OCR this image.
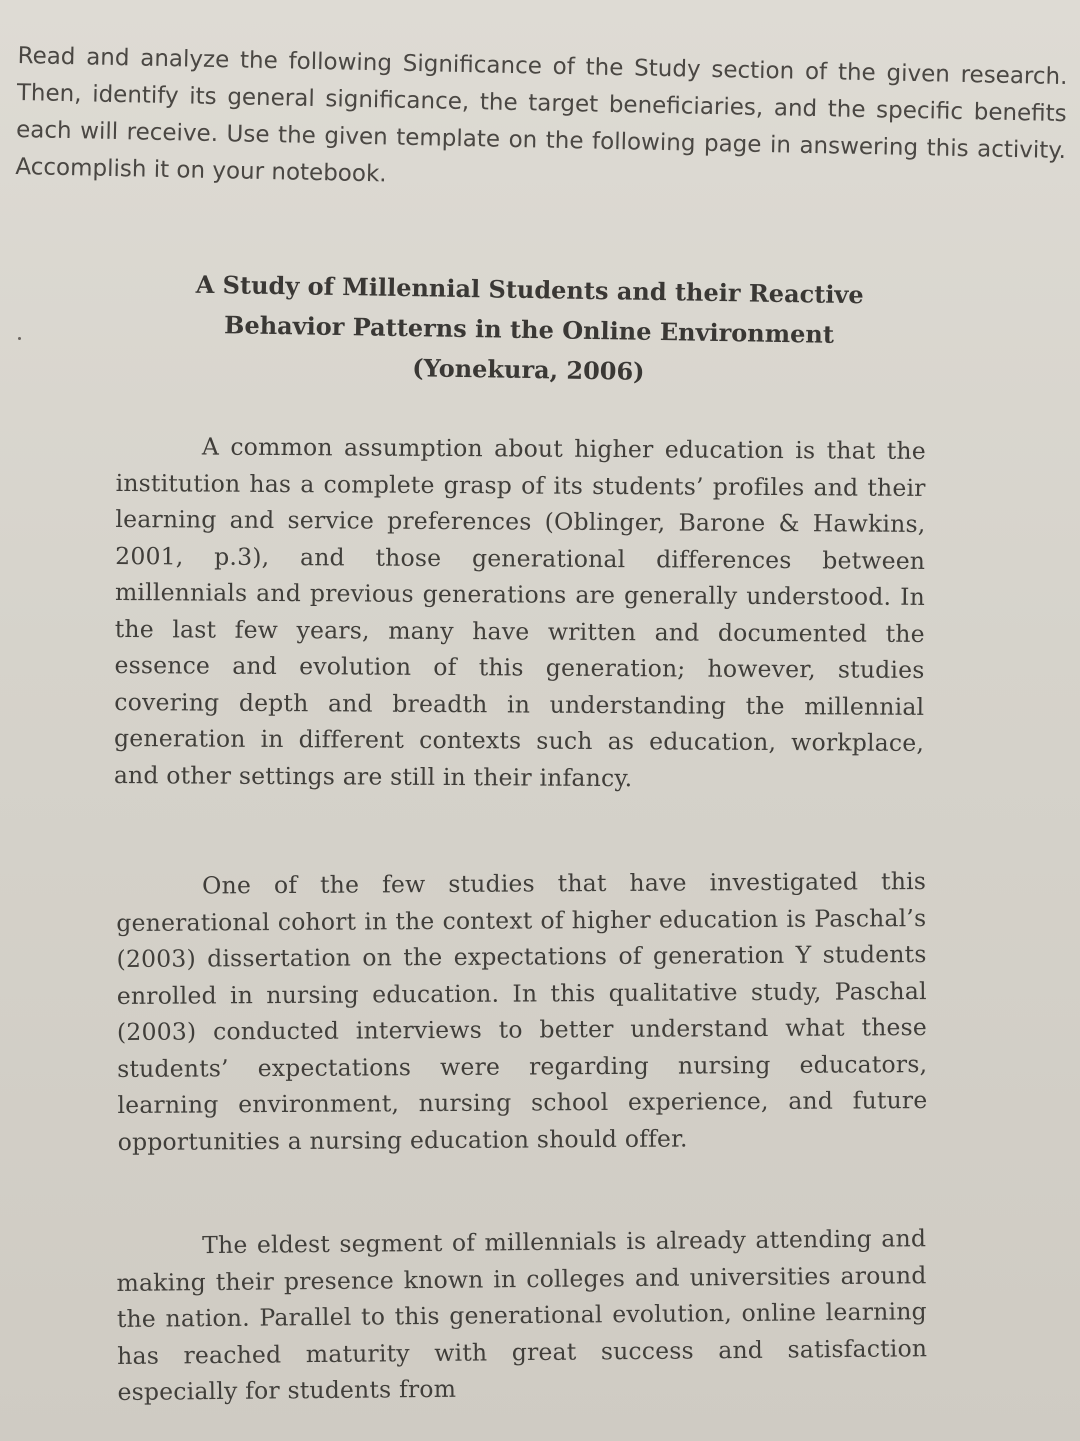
Read and analyze the following Significance of the Study section of the given research. Then, identify its general significance, the target beneficiaries, and the specific benefits each will receive. Use the given template on the following page in answering this activity. Accomplish it on your notebook.
A Study of Millennial Students and their Reactive
Behavior Patterns in the Online Environment
(Yonekura, 2006)

A common assumption about higher education is that the institution has a complete grasp of its students’ profiles and their learning and service preferences (Oblinger, Barone & Hawkins, 2001, p.3), and those generational differences between millennials and previous generations are generally understood. In the last few years, many have written and documented the essence and evolution of this generation; however, studies covering depth and breadth in understanding the millennial generation in different contexts such as education, workplace, and other settings are still in their infancy.

One of the few studies that have investigated this generational cohort in the context of higher education is Paschal’s (2003) dissertation on the expectations of generation Y students enrolled in nursing education. In this qualitative study, Paschal (2003) conducted interviews to better understand what these students’ expectations were regarding nursing educators, learning environment, nursing school experience, and future opportunities a nursing education should offer.

The eldest segment of millennials is already attending and making their presence known in colleges and universities around the nation. Parallel to this generational evolution, online learning has reached maturity with great success and satisfaction especially for students from
